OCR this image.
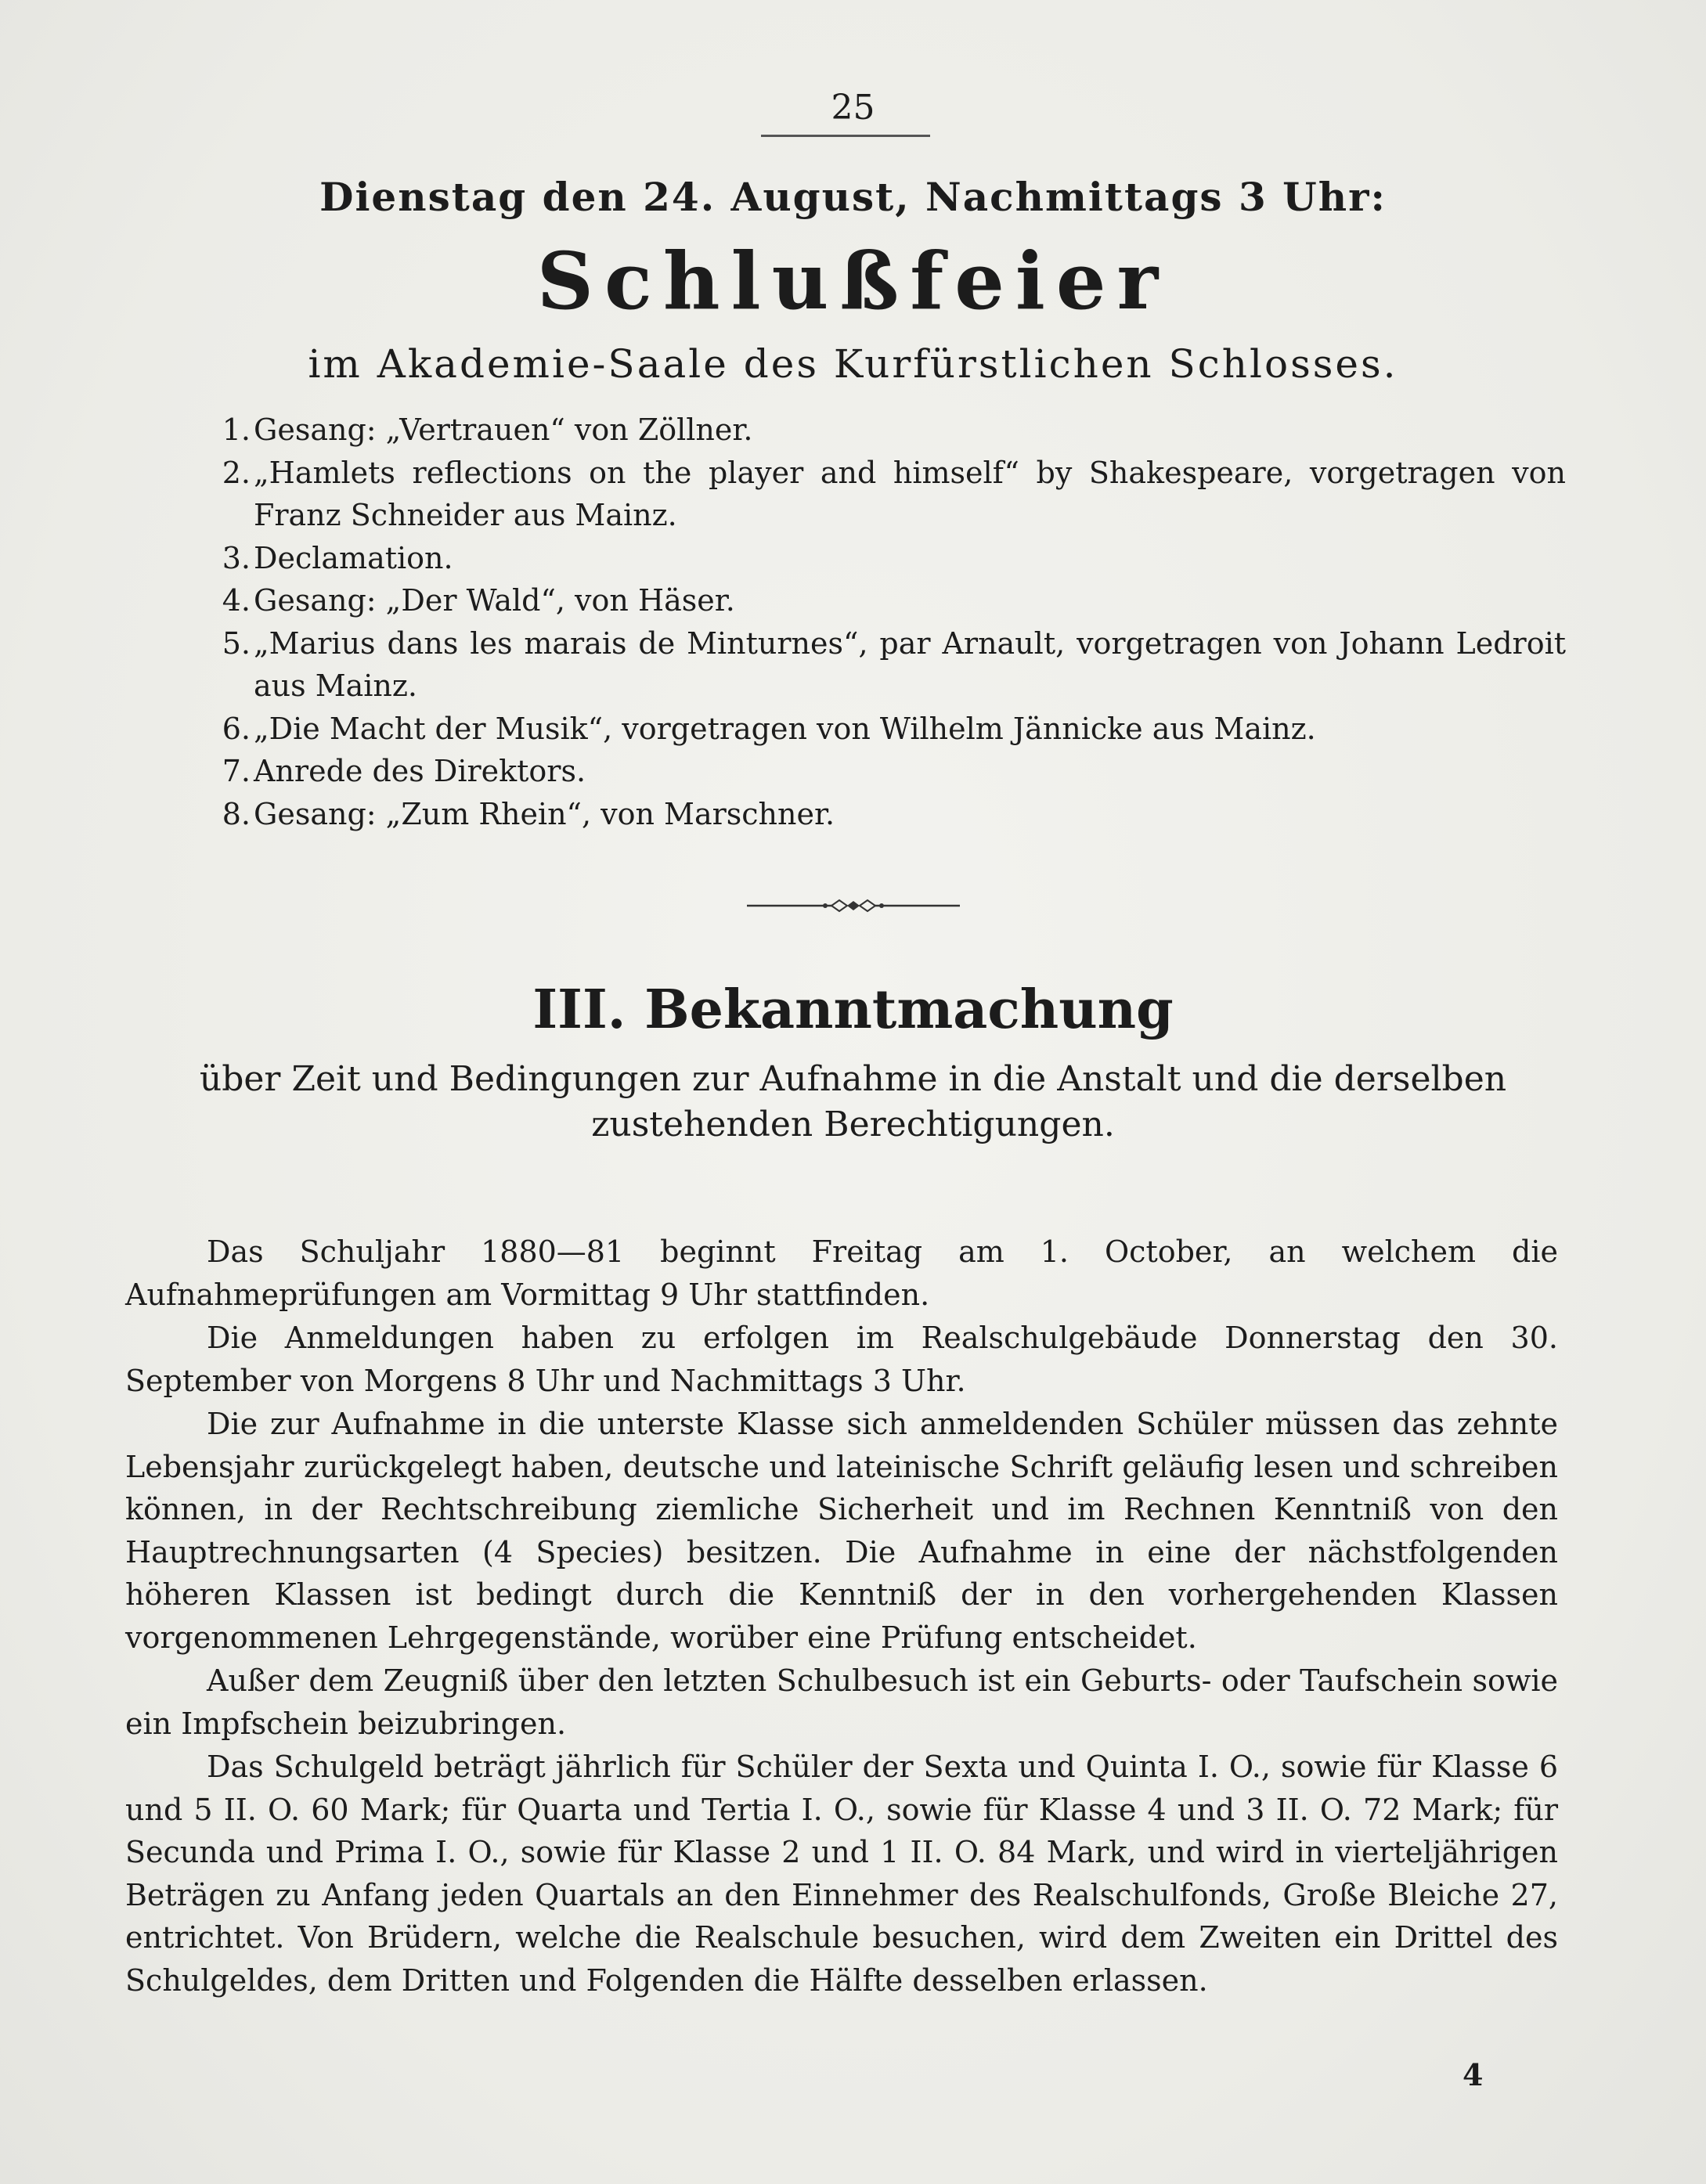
25
Dienstag den 24. August, Nachmittags 3 Uhr:
Schlußfeier
im Akademie-Saale des Kurfürstlichen Schlosses.
1. Gesang: „Vertrauen“ von Zöllner.
2. „Hamlets reflections on the player and himself“ by Shakespeare, vorgetragen von Franz Schneider aus Mainz.
3. Declamation.
4. Gesang: „Der Wald“, von Häser.
5. „Marius dans les marais de Minturnes“, par Arnault, vorgetragen von Johann Ledroit aus Mainz.
6. „Die Macht der Musik“, vorgetragen von Wilhelm Jännicke aus Mainz.
7. Anrede des Direktors.
8. Gesang: „Zum Rhein“, von Marschner.
III. Bekanntmachung
über Zeit und Bedingungen zur Aufnahme in die Anstalt und die derselben
zustehenden Berechtigungen.

Das Schuljahr 1880—81 beginnt Freitag am 1. October, an welchem die Aufnahmeprüfungen am Vormittag 9 Uhr stattfinden.

Die Anmeldungen haben zu erfolgen im Realschulgebäude Donnerstag den 30. September von Morgens 8 Uhr und Nachmittags 3 Uhr.

Die zur Aufnahme in die unterste Klasse sich anmeldenden Schüler müssen das zehnte Lebensjahr zurückgelegt haben, deutsche und lateinische Schrift geläufig lesen und schreiben können, in der Rechtschreibung ziemliche Sicherheit und im Rechnen Kenntniß von den Hauptrechnungsarten (4 Species) besitzen. Die Aufnahme in eine der nächstfolgenden höheren Klassen ist bedingt durch die Kenntniß der in den vorhergehenden Klassen vorgenommenen Lehrgegenstände, worüber eine Prüfung entscheidet.

Außer dem Zeugniß über den letzten Schulbesuch ist ein Geburts- oder Taufschein sowie ein Impfschein beizubringen.

Das Schulgeld beträgt jährlich für Schüler der Sexta und Quinta I. O., sowie für Klasse 6 und 5 II. O. 60 Mark; für Quarta und Tertia I. O., sowie für Klasse 4 und 3 II. O. 72 Mark; für Secunda und Prima I. O., sowie für Klasse 2 und 1 II. O. 84 Mark, und wird in vierteljährigen Beträgen zu Anfang jeden Quartals an den Einnehmer des Realschulfonds, Große Bleiche 27, entrichtet. Von Brüdern, welche die Realschule besuchen, wird dem Zweiten ein Drittel des Schulgeldes, dem Dritten und Folgenden die Hälfte desselben erlassen.

4
